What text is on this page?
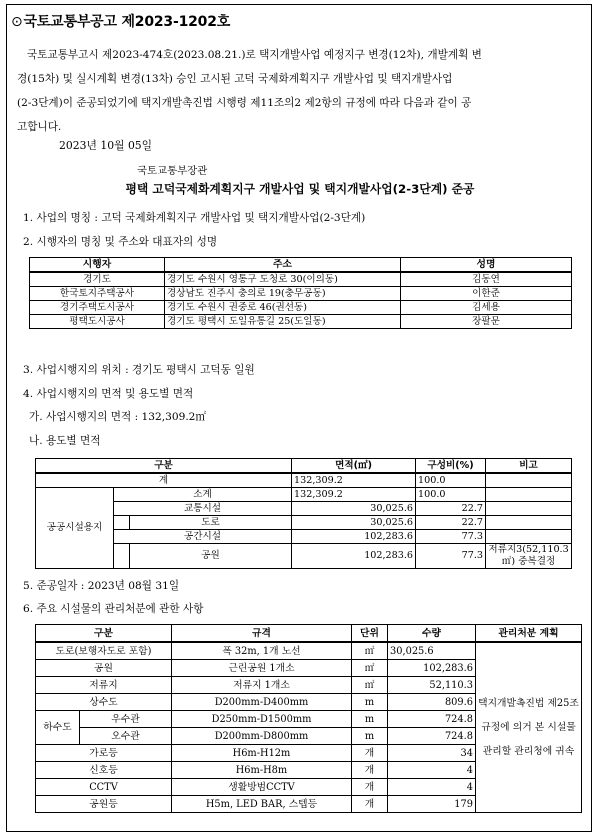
⊙국토교통부공고 제2023-1202호
국토교통부고시 제2023-474호(2023.08.21.)로 택지개발사업 예정지구 변경(12차), 개발계획 변
경(15차) 및 실시계획 변경(13차) 승인 고시된 고덕 국제화계획지구 개발사업 및 택지개발사업
(2-3단계)이 준공되었기에 택지개발촉진법 시행령 제11조의2 제2항의 규정에 따라 다음과 같이 공
고합니다.
2023년 10월 05일
국토교통부장관
평택 고덕국제화계획지구 개발사업 및 택지개발사업(2-3단계) 준공
1. 사업의 명칭 : 고덕 국제화계획지구 개발사업 및 택지개발사업(2-3단계)
2. 시행자의 명칭 및 주소와 대표자의 성명
시행자	주소	성명
경기도	경기도 수원시 영통구 도청로 30(이의동)	김동연
한국토지주택공사	경상남도 진주시 충의로 19(충무공동)	이한준
경기주택도시공사	경기도 수원시 권중로 46(권선동)	김세용
평택도시공사	경기도 평택시 도일유통길 25(도일동)	장팔문
3. 사업시행지의 위치 : 경기도 평택시 고덕동 일원
4. 사업시행지의 면적 및 용도별 면적
가. 사업시행지의 면적 : 132,309.2㎡
나. 용도별 면적
구분			면적(㎡)	구성비(%)	비고
계			132,309.2	100.0	
공공시설용지	소계		132,309.2	100.0	
	교통시설		30,025.6	22.7	
		도로	30,025.6	22.7	
	공간시설		102,283.6	77.3	
		공원	102,283.6	77.3	저류지3(52,110.3㎡) 중복결정
5. 준공일자 : 2023년 08월 31일
6. 주요 시설물의 관리처분에 관한 사항
구분		규격	단위	수량	관리처분 계획
도로(보행자도로 포함)		폭 32m, 1개 노선	㎡	30,025.6	택지개발촉진법 제25조 규정에 의거 본 시설물 관리할 관리청에 귀속
공원		근린공원 1개소	㎡	102,283.6	
저류지		저류지 1개소	㎡	52,110.3	
상수도		D200mm-D400mm	m	809.6	
하수도	우수관	D250mm-D1500mm	m	724.8	
	오수관	D200mm-D800mm	m	724.8	
가로등		H6m-H12m	개	34	
신호등		H6m-H8m	개	4	
CCTV		생활방범CCTV	개	4	
공원등		H5m, LED BAR, 스텝등	개	179	
